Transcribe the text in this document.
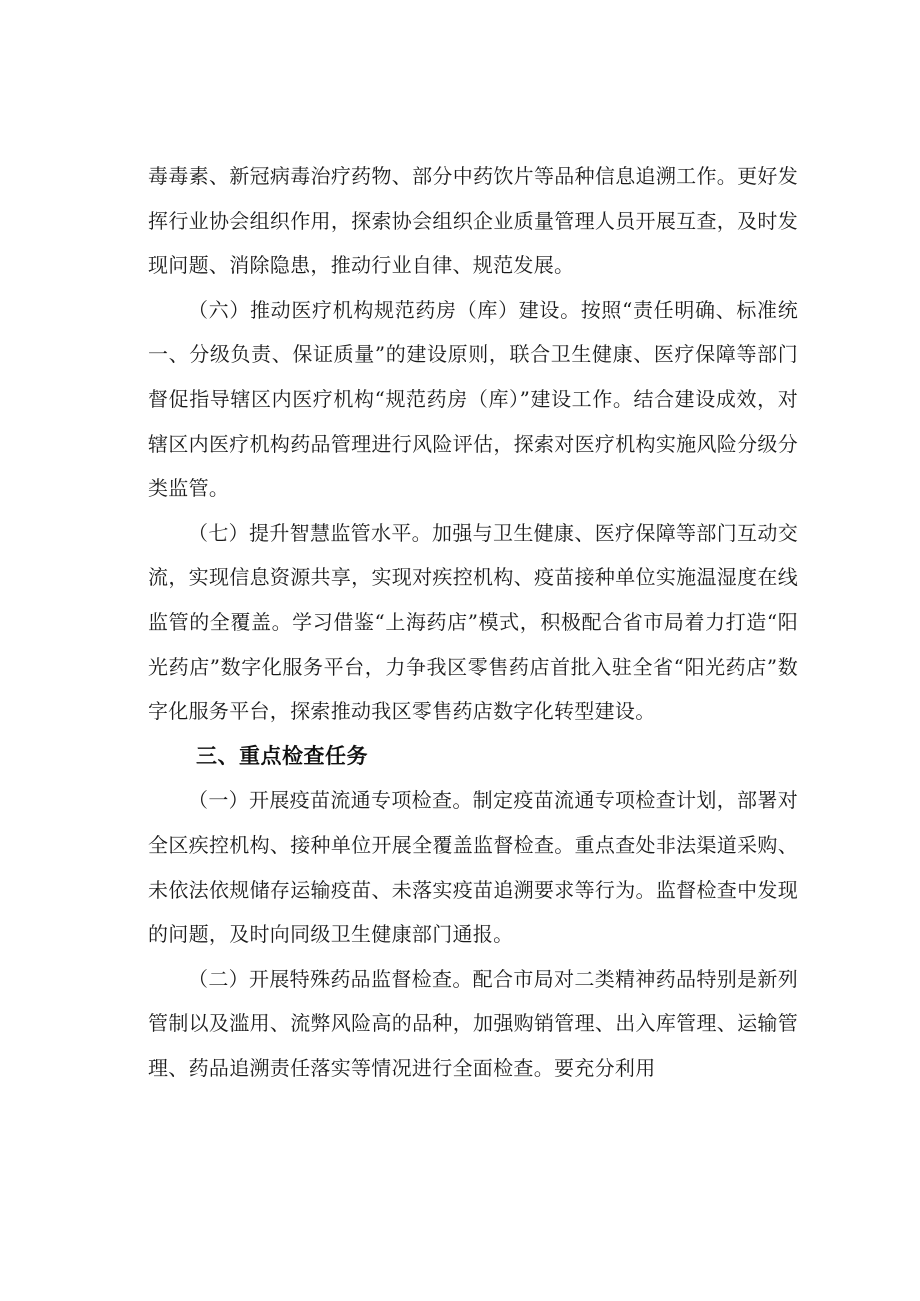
毒毒素、新冠病毒治疗药物、部分中药饮片等品种信息追溯工作。更好发挥行业协会组织作用，探索协会组织企业质量管理人员开展互查，及时发现问题、消除隐患，推动行业自律、规范发展。

（六）推动医疗机构规范药房（库）建设。按照“责任明确、标准统一、分级负责、保证质量”的建设原则，联合卫生健康、医疗保障等部门督促指导辖区内医疗机构“规范药房（库）”建设工作。结合建设成效，对辖区内医疗机构药品管理进行风险评估，探索对医疗机构实施风险分级分类监管。

（七）提升智慧监管水平。加强与卫生健康、医疗保障等部门互动交流，实现信息资源共享，实现对疾控机构、疫苗接种单位实施温湿度在线监管的全覆盖。学习借鉴“上海药店”模式，积极配合省市局着力打造“阳光药店”数字化服务平台，力争我区零售药店首批入驻全省“阳光药店”数字化服务平台，探索推动我区零售药店数字化转型建设。

三、重点检查任务

（一）开展疫苗流通专项检查。制定疫苗流通专项检查计划，部署对全区疾控机构、接种单位开展全覆盖监督检查。重点查处非法渠道采购、未依法依规储存运输疫苗、未落实疫苗追溯要求等行为。监督检查中发现的问题，及时向同级卫生健康部门通报。

（二）开展特殊药品监督检查。配合市局对二类精神药品特别是新列管制以及滥用、流弊风险高的品种，加强购销管理、出入库管理、运输管理、药品追溯责任落实等情况进行全面检查。要充分利用
